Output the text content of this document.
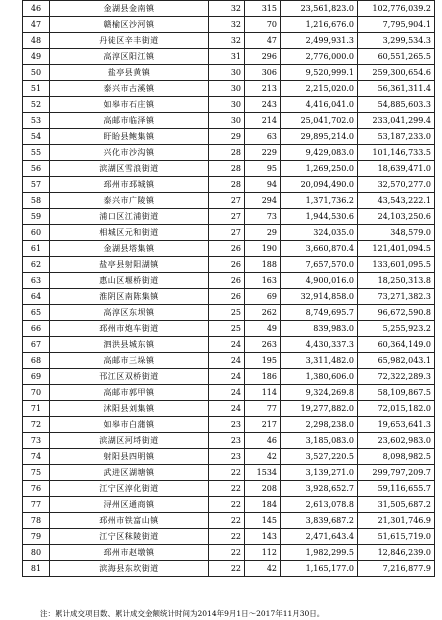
46	金湖县金南镇	32	315	23,561,823.0	102,776,039.2
47	赣榆区沙河镇	32	70	1,216,676.0	7,795,904.1
48	丹徒区辛丰街道	32	47	2,499,931.3	3,299,534.3
49	高淳区阳江镇	31	296	2,776,000.0	60,551,265.5
50	盐亭县黄镇	30	306	9,520,999.1	259,300,654.6
51	泰兴市古溪镇	30	213	2,215,020.0	56,361,311.4
52	如皋市石庄镇	30	243	4,416,041.0	54,885,603.3
53	高邮市临泽镇	30	214	25,041,702.0	233,041,299.4
54	盱眙县鲍集镇	29	63	29,895,214.0	53,187,233.0
55	兴化市沙沟镇	28	229	9,429,083.0	101,146,733.5
56	滨湖区雪浪街道	28	95	1,269,250.0	18,639,471.0
57	邳州市邳城镇	28	94	20,094,490.0	32,570,277.0
58	泰兴市广陵镇	27	294	1,371,736.2	43,543,222.1
59	浦口区江浦街道	27	73	1,944,530.6	24,103,250.6
60	相城区元和街道	27	29	324,035.0	348,579.0
61	金湖县塔集镇	26	190	3,660,870.4	121,401,094.5
62	盐亭县射阳湖镇	26	188	7,657,570.0	133,601,095.5
63	惠山区堰桥街道	26	163	4,900,016.0	18,250,313.8
64	淮阴区南陈集镇	26	69	32,914,858.0	73,271,382.3
65	高淳区东坝镇	25	262	8,749,695.7	96,672,590.8
66	邳州市炮车街道	25	49	839,983.0	5,255,923.2
67	泗洪县城东镇	24	263	4,430,337.3	60,364,149.0
68	高邮市三垛镇	24	195	3,311,482.0	65,982,043.1
69	邗江区双桥街道	24	186	1,380,606.0	72,322,289.3
70	高邮市郭甲镇	24	114	9,324,269.8	58,109,867.5
71	沭阳县刘集镇	24	77	19,277,882.0	72,015,182.0
72	如皋市白蒲镇	23	217	2,298,238.0	19,653,641.3
73	滨湖区河埒街道	23	46	3,185,083.0	23,602,983.0
74	射阳县四明镇	23	42	3,527,220.5	8,098,982.5
75	武进区湖塘镇	22	1534	3,139,271.0	299,797,209.7
76	江宁区淳化街道	22	208	3,928,652.7	59,116,655.7
77	浔州区通商镇	22	184	2,613,078.8	31,505,687.2
78	邳州市铁富山镇	22	145	3,839,687.2	21,301,746.9
79	江宁区秣陵街道	22	143	2,471,643.4	51,615,719.0
80	邳州市赵墩镇	22	112	1,982,299.5	12,846,239.0
81	滨海县东坎街道	22	42	1,165,177.0	7,216,877.9
注：累计成交项目数、累计成交金额统计时间为2014年9月1日～2017年11月30日。
